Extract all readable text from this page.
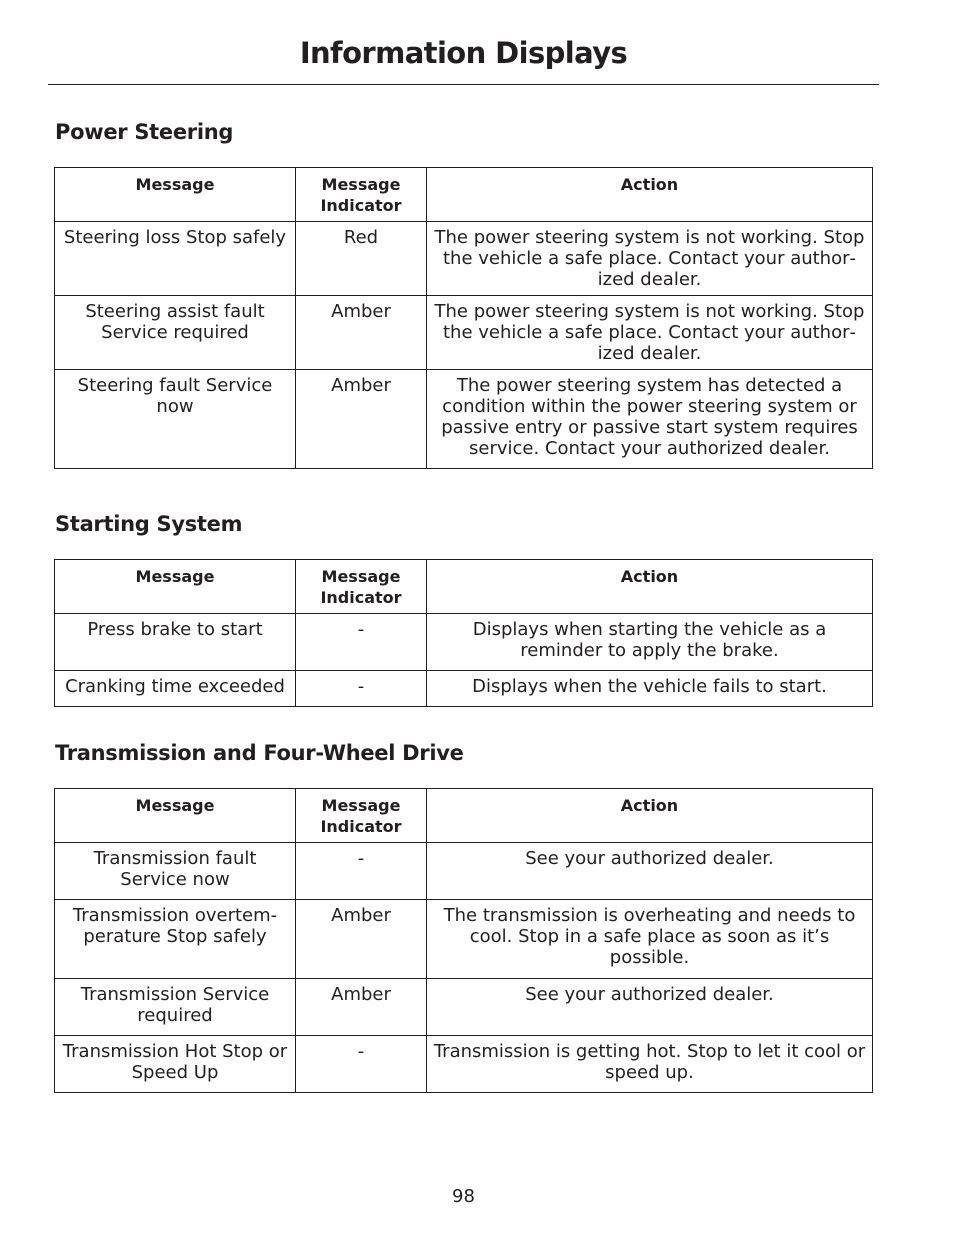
Information Displays
Power Steering
Message	Message Indicator	Action
Steering loss Stop safely	Red	The power steering system is not working. Stop the vehicle a safe place. Contact your authorized dealer.
Steering assist fault Service required	Amber	The power steering system is not working. Stop the vehicle a safe place. Contact your authorized dealer.
Steering fault Service now	Amber	The power steering system has detected a condition within the power steering system or passive entry or passive start system requires service. Contact your authorized dealer.
Starting System
Message	Message Indicator	Action
Press brake to start	-	Displays when starting the vehicle as a reminder to apply the brake.
Cranking time exceeded	-	Displays when the vehicle fails to start.
Transmission and Four-Wheel Drive
Message	Message Indicator	Action
Transmission fault Service now	-	See your authorized dealer.
Transmission overtemperature Stop safely	Amber	The transmission is overheating and needs to cool. Stop in a safe place as soon as it’s possible.
Transmission Service required	Amber	See your authorized dealer.
Transmission Hot Stop or Speed Up	-	Transmission is getting hot. Stop to let it cool or speed up.
98
